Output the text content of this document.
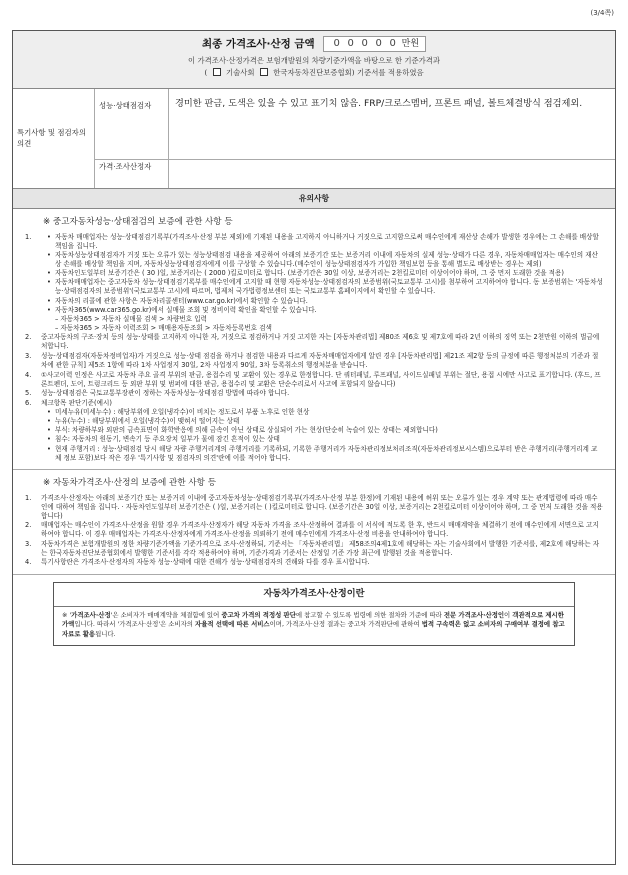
(3/4쪽)
최종 가격조사·산정 금액	0 0 0 0 0 만원
이 가격조사·산정가격은 보험개발원의 차량기준가액을 바탕으로 한 기준가격과
(	기술사회	한국자동차진단보증협회) 기준서를 적용하였음
특기사항 및 점검자의 의견
성능·상태점검자	경미한 판금, 도색은 있을 수 있고 표기치 않음. FRP/크로스멤버, 프론트 패널, 볼트체결방식 점검제외.
가격·조사산정자
유의사항
※ 중고자동차성능·상태점검의 보증에 관한 사항 등
1.	• 자동차 매매업자는 성능·상태점검기록부(가격조사·산정 부분 제외)에 기재된 내용을 고지하지 아니하거나 거짓으로 고지함으로써 매수인에게 재산상 손해가 발생한 경우에는 그 손해를 배상할 책임을 집니다.
• 자동차성능상태점검자가 거짓 또는 오류가 있는 성능상태점검 내용을 제공하여 아래의 보증기간 또는 보증거리 이내에 자동차의 실제 성능·상태가 다른 경우, 자동차매매업자는 매수인의 재산상 손해를 배상할 책임을 지며, 자동차성능상태점검자에게 이를 구상할 수 있습니다.(매수인이 성능상태점검자가 가입한 책임보험 등을 통해 별도로 배상받는 경우는 제외)
• 자동차인도일부터 보증기간은 ( 30 )일, 보증거리는 ( 2000 )킬로미터로 합니다. (보증기간은 30일 이상, 보증거리는 2천킬로미터 이상이어야 하며, 그 중 먼저 도래한 것을 적용)
• 자동차매매업자는 중고자동차 성능·상태점검기록부를 매수인에게 고지할 때 현행 자동차성능·상태점검자의 보증범위(국토교통부 고시)를 첨부하여 고지하여야 합니다. 동 보증범위는 '자동차성능·상태점검자의 보증범위'(국토교통부 고시)에 따르며, 법제처 국가법령정보센터 또는 국토교통부 홈페이지에서 확인할 수 있습니다.
• 자동차의 리콜에 관한 사항은 자동차리콜센터(www.car.go.kr)에서 확인할 수 있습니다.
• 자동차365(www.car365.go.kr)에서 실매물 조회 및 정비이력 확인을 확인할 수 있습니다.
– 자동차365 > 자동차 실매물 검색 > 차량번호 입력
– 자동차365 > 자동차 이력조회 > 매매용자동조회 > 자동차등록번호 검색
2.	중고자동차의 구조·장치 등의 성능·상태를 고지하지 아니한 자, 거짓으로 점검하거나 거짓 고지한 자는 [자동차관리법] 제80조 제6호 및 제7호에 따라 2년 이하의 징역 또는 2천만원 이하의 벌금에 처합니다.
3.	성능·상태점검자(자동차정비업자)가 거짓으로 성능·상태 점검을 하거나 점검한 내용과 다르게 자동차매매업자에게 알린 경우 [자동차관리법] 제21조 제2항 등의 규정에 따른 행정처분의 기준과 절차에 관한 규칙] 제5조 1항에 따라 1차 사업정지 30일, 2차 사업정지 90일, 3차 등록취소의 행정처분을 받습니다.
4.	①사고이력 인정은 사고로 자동차 주요 골격 부위의 판금, 용접수리 및 교환이 있는 경우로 한정합니다. 단 쿼터패널, 루프패널, 사이드실패널 부위는 절단, 용접 시에만 사고로 표기합니다. (후드, 프론트펜더, 도어, 트렁크리드 등 외판 부위 및 범퍼에 대한 판금, 용접수리 및 교환은 단순수리로서 사고에 포함되지 않습니다)
5.	성능·상태점검은 국토교통부장관이 정하는 자동차성능·상태점검 방법에 따라야 합니다.
6.	체크항목 판단기준(예시)
• 미세누유(미세누수) : 해당부위에 오일(냉각수)이 비치는 정도로서 부품 노후로 인한 현상
• 누유(누수) : 해당부위에서 오일(냉각수)이 맺혀서 떨어지는 상태
• 부식: 차량하부와 외판의 금속표면이 화학반응에 의해 금속이 아닌 상태로 상실되어 가는 현상(단순히 녹슬어 있는 상태는 제외합니다)
• 침수: 자동차의 원동기, 변속기 등 주요장치 일부가 물에 잠긴 흔적이 있는 상태
• 현재 주행거리 : 성능·상태점검 당시 해당 자량 주행거리계의 주행거리를 기록하되, 기록한 주행거리가 자동차관리정보처리조직(자동차관리정보시스템)으로부터 받은 주행거리(주행거리계 교체 정보 포함)보다 작은 경우 '특기사항 및 점검자의 의견'란에 이를 적어야 합니다.
※ 자동차가격조사·산정의 보증에 관한 사항 등
1.	가격조사·산정자는 아래의 보증기간 또는 보증거리 이내에 중고자동차성능·상태점검기록부(가격조사·산정 부분 한정)에 기재된 내용에 허위 또는 오류가 있는 경우 계약 또는 관계법령에 따라 매수인에 대하여 책임을 집니다. · 자동차인도일부터 보증기간은 ( )일, 보증거리는 ( )킬로미터로 합니다. (보증기간은 30일 이상, 보증거리는 2천킬로미터 이상이어야 하며, 그 중 먼저 도래한 것을 적용합니다)
2.	매매업자는 매수인이 가격조사·산정을 원할 경우 가격조사·산정자가 해당 자동차 가격을 조사·산정하여 결과를 이 서식에 적도록 한 후, 반드시 매매계약을 체결하기 전에 매수인에게 서면으로 고지하여야 합니다. 이 경우 매매업자는 가격조사·산정자에게 가격조사·산정을 의뢰하기 전에 매수인에게 가격조사·산정 비용을 안내하여야 합니다.
3.	자동차가격은 보험개발원의 정한 차량기준가액을 기준가격으로 조사·산정하되, 기준서는 「자동차관리법」 제58조의4제1호에 해당하는 자는 기술사회에서 발행한 기준서를, 제2호에 해당하는 자는 한국자동차진단보증협회에서 발행한 기준서를 각각 적용하여야 하며, 기준가격과 기준서는 산정일 기준 가장 최근에 발행된 것을 적용합니다.
4.	특기사항란은 가격조사·산정자의 자동차 성능·상태에 대한 견해가 성능·상태점검자의 견해와 다를 경우 표시합니다.
자동차가격조사·산정이란
※ '가격조사·산정'은 소비자가 매매계약을 체결함에 있어 중고차 가격의 적정성 판단에 참고할 수 있도록 법령에 의한 절차와 기준에 따라 전문 가격조사·산정인이 객관적으로 제시한 가액입니다. 따라서 '가격조사·산정'은 소비자의 자율적 선택에 따른 서비스이며, 가격조사·산정 결과는 중고차 가격판단에 관하여 법적 구속력은 없고 소비자의 구매여부 결정에 참고자료로 활용됩니다.
